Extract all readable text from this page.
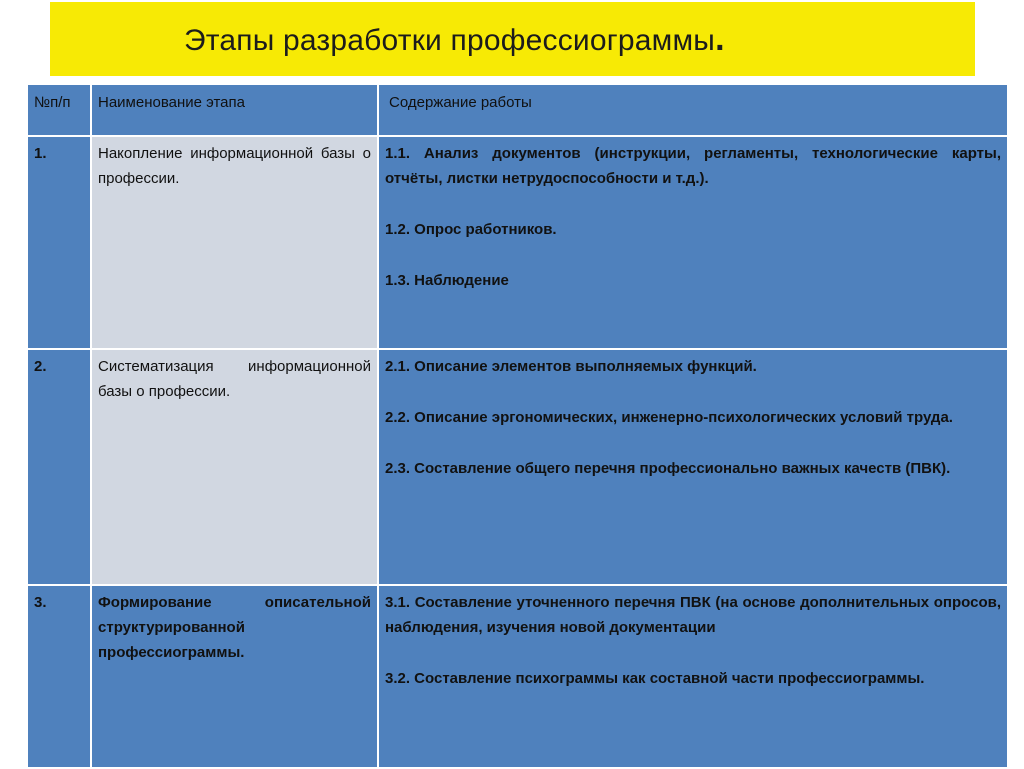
Этапы разработки профессиограммы.
№п/п	Наименование этапа	Содержание работы
1.	Накопление информационной базы о профессии.	1.1. Анализ документов (инструкции, регламенты, технологические карты, отчёты, листки нетрудоспособности и т.д.).
1.2. Опрос работников.
1.3. Наблюдение

2.	Систематизация информационной базы о профессии.	2.1. Описание элементов выполняемых функций.
2.2. Описание эргономических, инженерно-психологических условий труда.
2.3. Составление общего перечня профессионально важных качеств (ПВК).

3.	Формирование описательной структурированной профессиограммы.	3.1. Составление уточненного перечня ПВК (на основе дополнительных опросов, наблюдения, изучения новой документации
3.2. Составление психограммы как составной части профессиограммы.
